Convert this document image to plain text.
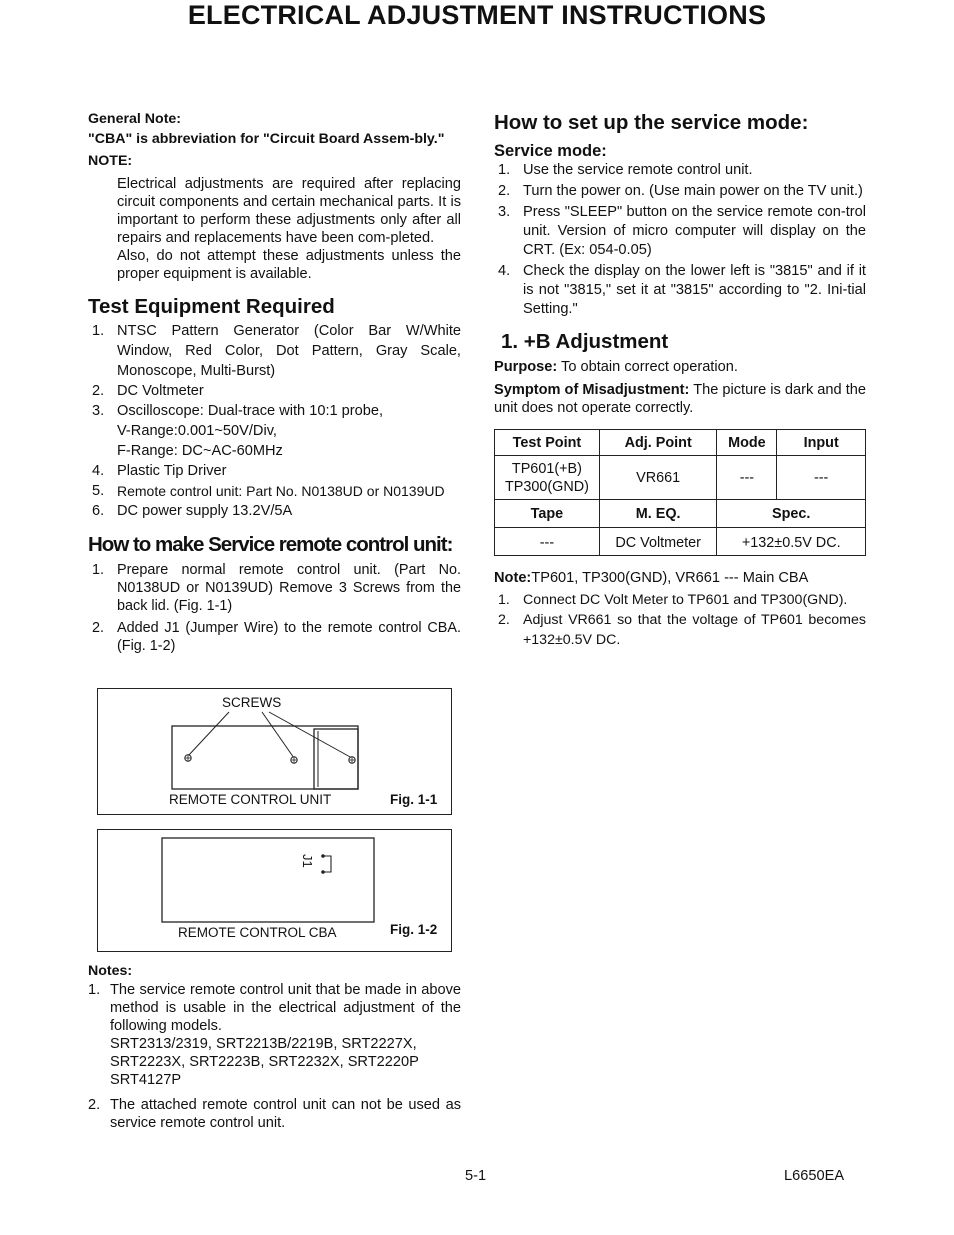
ELECTRICAL ADJUSTMENT INSTRUCTIONS
General Note:
"CBA" is abbreviation for "Circuit Board Assem-bly."
NOTE:
Electrical adjustments are required after replacing circuit components and certain mechanical parts. It is important to perform these adjustments only after all repairs and replacements have been com-pleted.
Also, do not attempt these adjustments unless the proper equipment is available.
Test Equipment Required
1. NTSC Pattern Generator (Color Bar W/White Window, Red Color, Dot Pattern, Gray Scale, Monoscope, Multi-Burst)
2. DC Voltmeter
3. Oscilloscope: Dual-trace with 10:1 probe,
V-Range:0.001~50V/Div,
F-Range: DC~AC-60MHz
4. Plastic Tip Driver
5. Remote control unit: Part No. N0138UD or N0139UD
6. DC power supply 13.2V/5A
How to make Service remote control unit:
1. Prepare normal remote control unit. (Part No. N0138UD or N0139UD) Remove 3 Screws from the back lid. (Fig. 1-1)
2. Added J1 (Jumper Wire) to the remote control CBA. (Fig. 1-2)
SCREWS
REMOTE CONTROL UNIT	Fig. 1-1
J1
REMOTE CONTROL CBA	Fig. 1-2
Notes:
1. The service remote control unit that be made in above method is usable in the electrical adjustment of the following models.
SRT2313/2319, SRT2213B/2219B, SRT2227X,
SRT2223X, SRT2223B, SRT2232X, SRT2220P
SRT4127P
2. The attached remote control unit can not be used as service remote control unit.
How to set up the service mode:
Service mode:
1. Use the service remote control unit.
2. Turn the power on. (Use main power on the TV unit.)
3. Press "SLEEP" button on the service remote con-trol unit. Version of micro computer will display on the CRT. (Ex: 054-0.05)
4. Check the display on the lower left is "3815" and if it is not "3815," set it at "3815" according to "2. Ini-tial Setting."
1. +B Adjustment
Purpose: To obtain correct operation.
Symptom of Misadjustment: The picture is dark and the unit does not operate correctly.
Test Point	Adj. Point	Mode	Input
TP601(+B)
TP300(GND)	VR661	---	---
Tape	M. EQ.	Spec.	

---	DC Voltmeter	+132±0.5V DC.	
Note:TP601, TP300(GND), VR661 --- Main CBA
1. Connect DC Volt Meter to TP601 and TP300(GND).
2. Adjust VR661 so that the voltage of TP601 becomes +132±0.5V DC.
5-1	L6650EA
